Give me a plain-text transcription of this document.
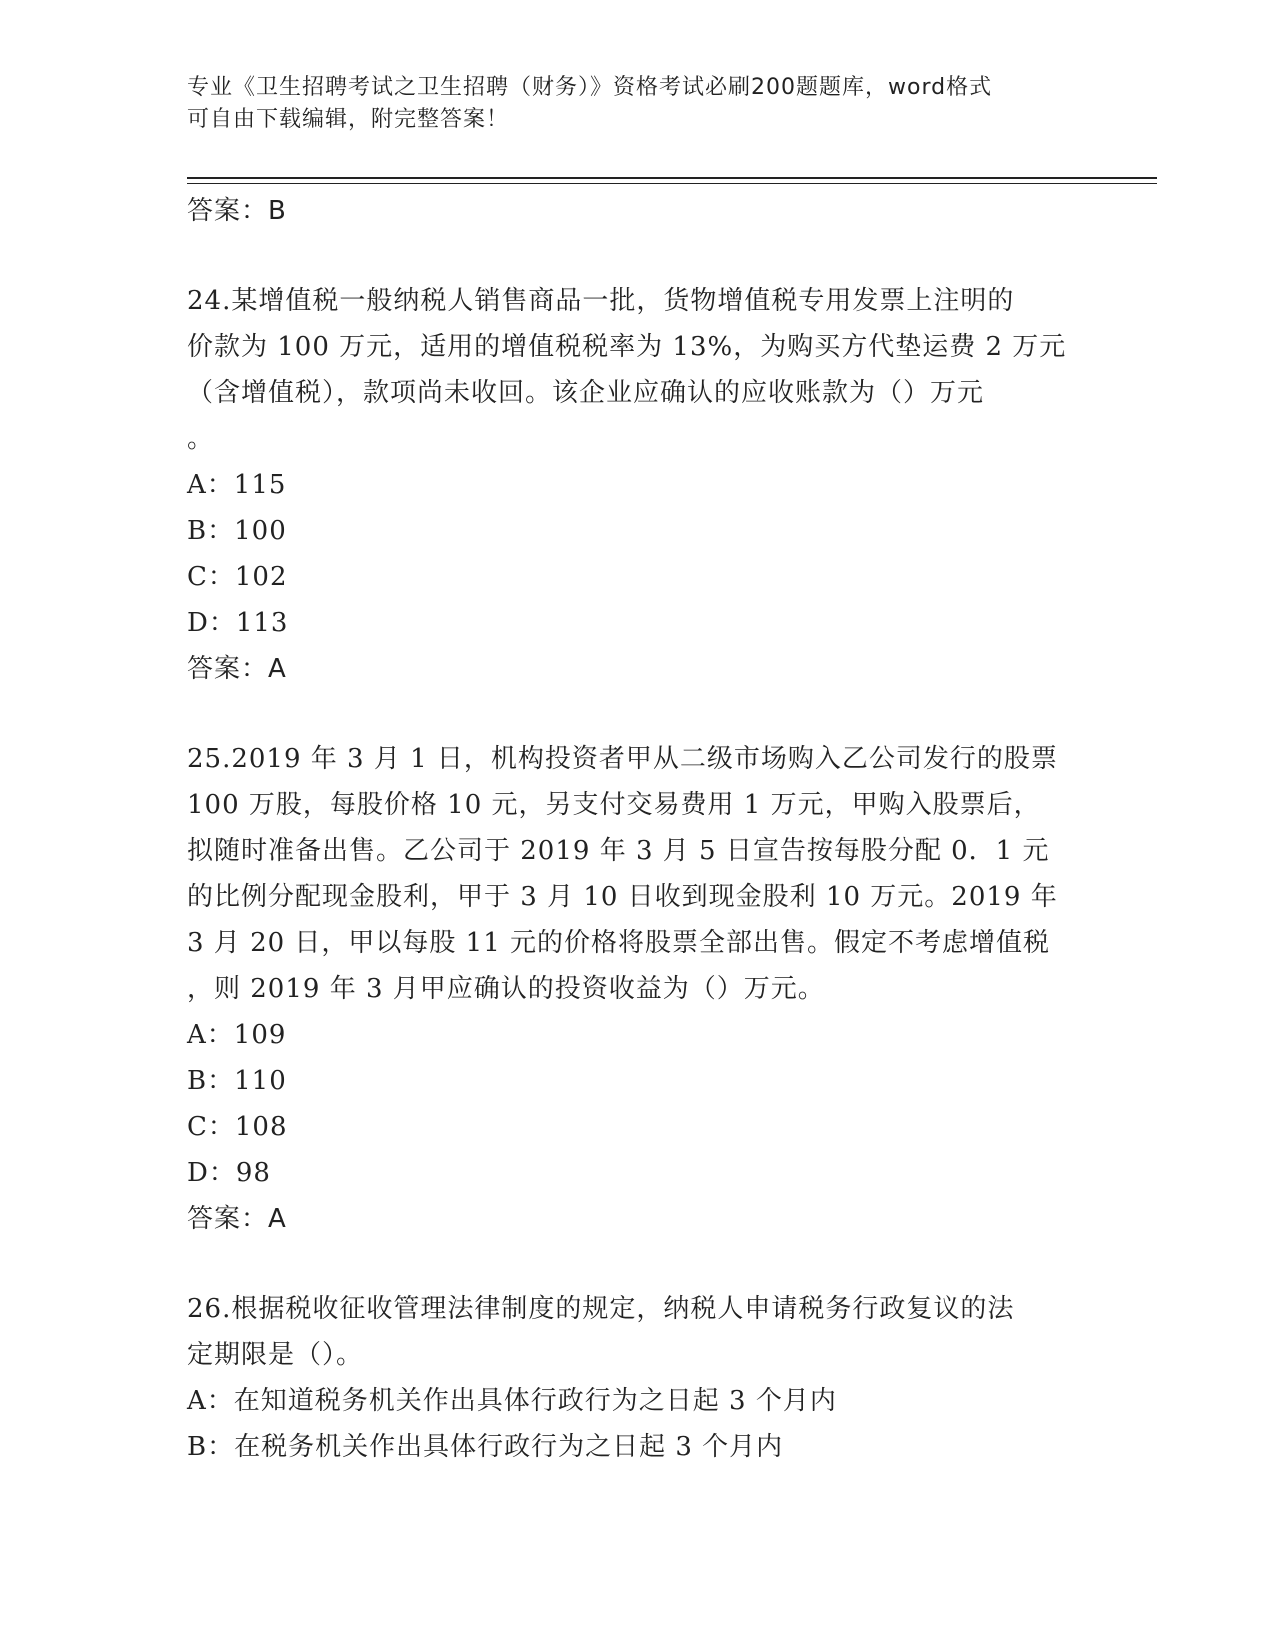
专业《卫生招聘考试之卫生招聘（财务）》资格考试必刷200题题库，word格式
可自由下载编辑，附完整答案！
答案：B
24.某增值税一般纳税人销售商品一批，货物增值税专用发票上注明的
价款为 100 万元，适用的增值税税率为 13%，为购买方代垫运费 2 万元
（含增值税），款项尚未收回。该企业应确认的应收账款为（）万元
。
A：115
B：100
C：102
D：113
答案：A
25.2019 年 3 月 1 日，机构投资者甲从二级市场购入乙公司发行的股票
100 万股，每股价格 10 元，另支付交易费用 1 万元，甲购入股票后，
拟随时准备出售。乙公司于 2019 年 3 月 5 日宣告按每股分配 0．1 元
的比例分配现金股利，甲于 3 月 10 日收到现金股利 10 万元。2019 年
3 月 20 日，甲以每股 11 元的价格将股票全部出售。假定不考虑增值税
，则 2019 年 3 月甲应确认的投资收益为（）万元。
A：109
B：110
C：108
D：98
答案：A
26.根据税收征收管理法律制度的规定，纳税人申请税务行政复议的法
定期限是（）。
A：在知道税务机关作出具体行政行为之日起 3 个月内
B：在税务机关作出具体行政行为之日起 3 个月内
